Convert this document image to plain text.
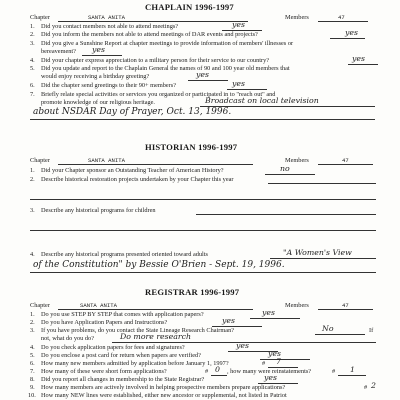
CHAPLAIN 1996-1997
Chapter	SANTA ANITA	Members	47
1. Did you contact members not able to attend meetings?	yes
2. Did you inform the members not able to attend meetings of DAR events and projects?	yes
3. Did you give a Sunshine Report at chapter meetings to provide information of members' illnesses or
bereavement? yes
4. Did your chapter express appreciation to a military person for their service to our country?	yes
5. Did you update and report to the Chaplain General the names of 90 and 100 year old members that
would enjoy receiving a birthday greeting?	yes
6. Did the chapter send greetings to their 90+ members?	yes
7. Briefly relate special activities or services you organized or participated in to "reach out" and
promote knowledge of our religious heritage.	Broadcast on local television
about NSDAR Day of Prayer, Oct. 13, 1996.
HISTORIAN 1996-1997
Chapter	SANTA ANITA	Members	47
1. Did your Chapter sponsor an Outstanding Teacher of American History?	no
2. Describe historical restoration projects undertaken by your Chapter this year
3. Describe any historical programs for children
4. Describe any historical programs presented oriented toward adults	"A Women's View
of the Constitution" by Bessie O'Brien - Sept. 19, 1996.
REGISTRAR 1996-1997
Chapter	SANTA ANITA	Members	47
1. Do you use STEP BY STEP that comes with application papers?	yes
2. Do you have Application Papers and Instructions?	yes
3. If you have problems, do you contact the State Lineage Research Chairman?	No	If
not, what do you do?	Do more research
4. Do you check application papers for fees and signatures?	yes
5. Do you enclose a post card for return when papers are verified?	yes
6. How many new members admitted by application before January 1, 1997?	# 7
7. How many of these were short form applications?	# 0 , how many were reinstatements?	# 1
8. Did you report all changes in membership to the State Registrar?	yes
9. How many members are actively involved in helping prospective members prepare applications?	# 2
10. How many NEW lines were established, either new ancestor or supplemental, not listed in Patriot
